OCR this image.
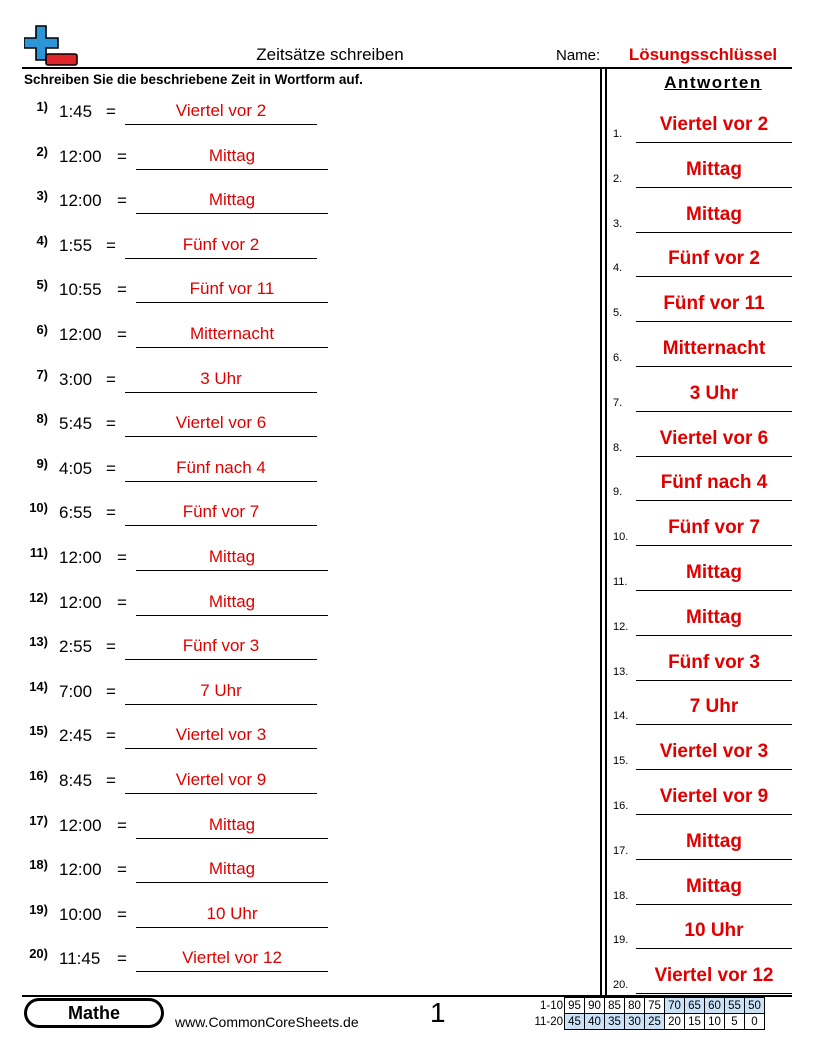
Zeitsätze schreiben	Name:	Lösungsschlüssel
Schreiben Sie die beschriebene Zeit in Wortform auf.	Antworten
1) 1:45 =	Viertel vor 2
2) 12:00 =	Mittag
3) 12:00 =	Mittag
4) 1:55 =	Fünf vor 2
5) 10:55 =	Fünf vor 11
6) 12:00 =	Mitternacht
7) 3:00 =	3 Uhr
8) 5:45 =	Viertel vor 6
9) 4:05 =	Fünf nach 4
10) 6:55 =	Fünf vor 7
11) 12:00 =	Mittag
12) 12:00 =	Mittag
13) 2:55 =	Fünf vor 3
14) 7:00 =	7 Uhr
15) 2:45 =	Viertel vor 3
16) 8:45 =	Viertel vor 9
17) 12:00 =	Mittag
18) 12:00 =	Mittag
19) 10:00 =	10 Uhr
20) 11:45 =	Viertel vor 12
1.	Viertel vor 2
2.	Mittag
3.	Mittag
4.	Fünf vor 2
5.	Fünf vor 11
6.	Mitternacht
7.	3 Uhr
8.	Viertel vor 6
9.	Fünf nach 4
10.	Fünf vor 7
11.	Mittag
12.	Mittag
13.	Fünf vor 3
14.	7 Uhr
15.	Viertel vor 3
16.	Viertel vor 9
17.	Mittag
18.	Mittag
19.	10 Uhr
20.	Viertel vor 12
Mathe	www.CommonCoreSheets.de	1	1-10	95	90	85	80	75	70	65	60	55	50
11-20	45	40	35	30	25	20	15	10	5	0
